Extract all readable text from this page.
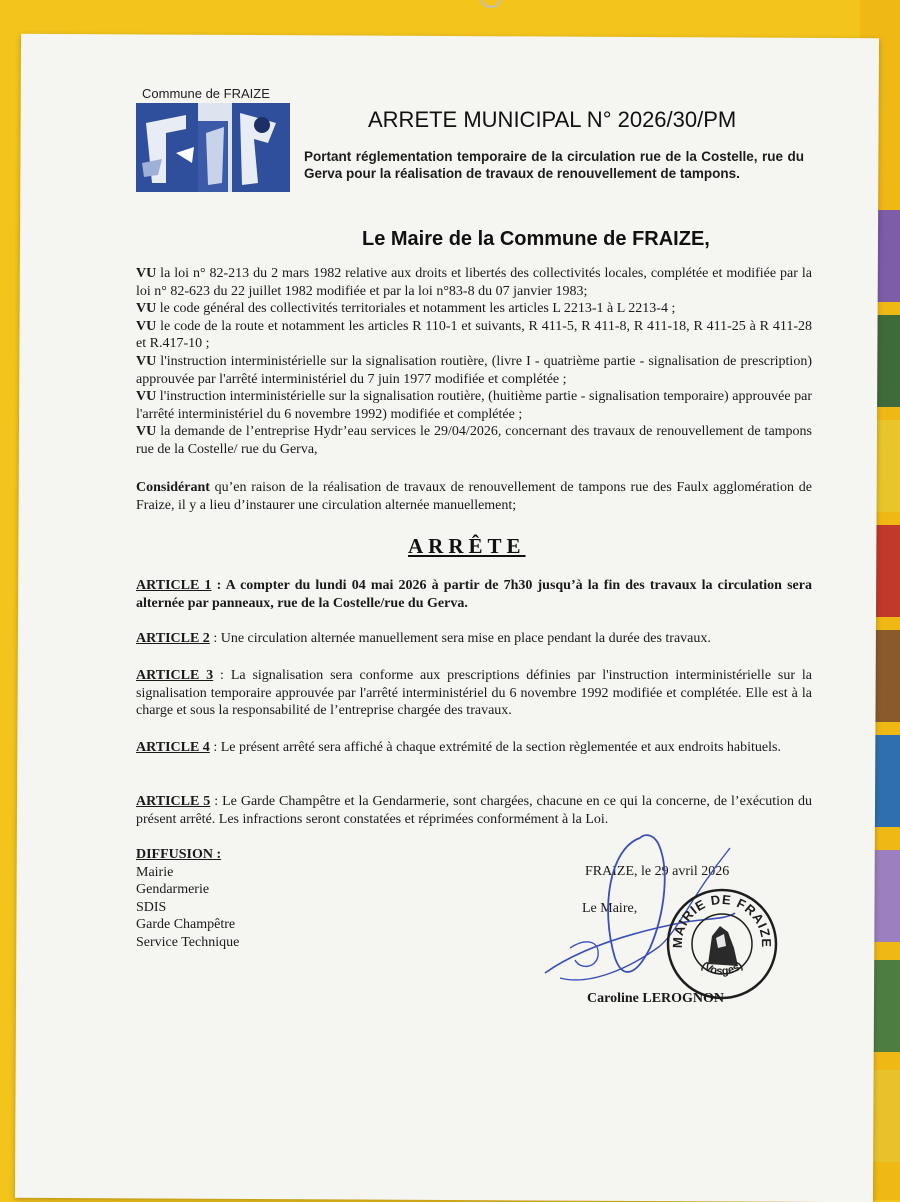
Commune de FRAIZE
ARRETE MUNICIPAL N° 2026/30/PM
Portant réglementation temporaire de la circulation rue de la Costelle, rue du Gerva pour la réalisation de travaux de renouvellement de tampons.
Le Maire de la Commune de FRAIZE,

VU la loi n° 82-213 du 2 mars 1982 relative aux droits et libertés des collectivités locales, complétée et modifiée par la loi n° 82-623 du 22 juillet 1982 modifiée et par la loi n°83-8 du 07 janvier 1983;

VU le code général des collectivités territoriales et notamment les articles L 2213-1 à L 2213-4 ;

VU le code de la route et notamment les articles R 110-1 et suivants, R 411-5, R 411-8, R 411-18, R 411-25 à R 411-28 et R.417-10 ;

VU l'instruction interministérielle sur la signalisation routière, (livre I - quatrième partie - signalisation de prescription) approuvée par l'arrêté interministériel du 7 juin 1977 modifiée et complétée ;

VU l'instruction interministérielle sur la signalisation routière, (huitième partie - signalisation temporaire) approuvée par l'arrêté interministériel du 6 novembre 1992) modifiée et complétée ;

VU la demande de l’entreprise Hydr’eau services le 29/04/2026, concernant des travaux de renouvellement de tampons rue de la Costelle/ rue du Gerva,

Considérant qu’en raison de la réalisation de travaux de renouvellement de tampons rue des Faulx agglomération de Fraize, il y a lieu d’instaurer une circulation alternée manuellement;
ARRÊTE
ARTICLE 1 : A compter du lundi 04 mai 2026 à partir de 7h30 jusqu’à la fin des travaux la circulation sera alternée par panneaux, rue de la Costelle/rue du Gerva.
ARTICLE 2 : Une circulation alternée manuellement sera mise en place pendant la durée des travaux.
ARTICLE 3 : La signalisation sera conforme aux prescriptions définies par l'instruction interministérielle sur la signalisation temporaire approuvée par l'arrêté interministériel du 6 novembre 1992 modifiée et complétée. Elle est à la charge et sous la responsabilité de l’entreprise chargée des travaux.
ARTICLE 4 : Le présent arrêté sera affiché à chaque extrémité de la section règlementée et aux endroits habituels.
ARTICLE 5 : Le Garde Champêtre et la Gendarmerie, sont chargées, chacune en ce qui la concerne, de l’exécution du présent arrêté. Les infractions seront constatées et réprimées conformément à la Loi.
DIFFUSION :
Mairie
Gendarmerie
SDIS
Garde Champêtre
Service Technique
FRAIZE, le 29 avril 2026
Le Maire,
MAIRIE DE FRAIZE
(Vosges)
Caroline LEROGNON
